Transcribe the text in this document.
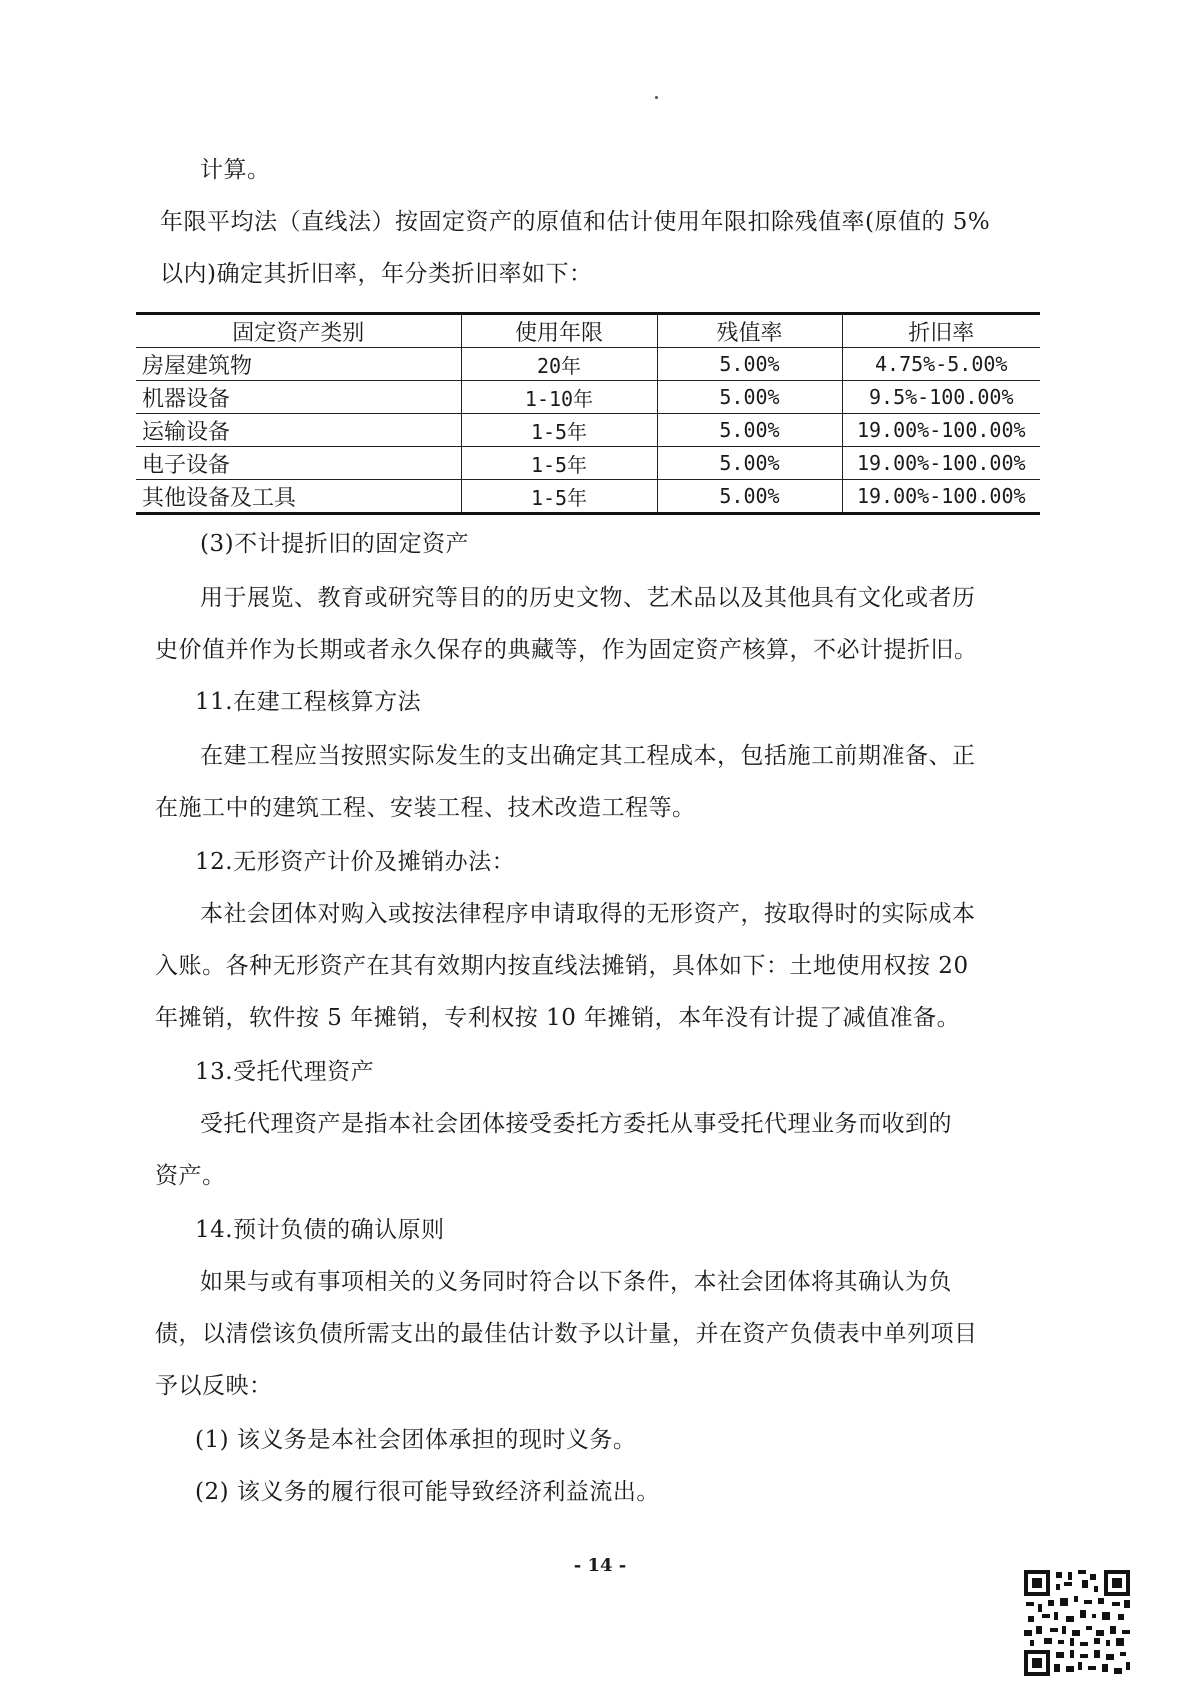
计算。

年限平均法（直线法）按固定资产的原值和估计使用年限扣除残值率(原值的 5%

以内)确定其折旧率，年分类折旧率如下：

固定资产类别	使用年限	残值率	折旧率
房屋建筑物	20年	5.00%	4.75%-5.00%
机器设备	1-10年	5.00%	9.5%-100.00%
运输设备	1-5年	5.00%	19.00%-100.00%
电子设备	1-5年	5.00%	19.00%-100.00%
其他设备及工具	1-5年	5.00%	19.00%-100.00%

(3)不计提折旧的固定资产

用于展览、教育或研究等目的的历史文物、艺术品以及其他具有文化或者历

史价值并作为长期或者永久保存的典藏等，作为固定资产核算，不必计提折旧。

11.在建工程核算方法

在建工程应当按照实际发生的支出确定其工程成本，包括施工前期准备、正

在施工中的建筑工程、安装工程、技术改造工程等。

12.无形资产计价及摊销办法：

本社会团体对购入或按法律程序申请取得的无形资产，按取得时的实际成本

入账。各种无形资产在其有效期内按直线法摊销，具体如下：土地使用权按 20

年摊销，软件按 5 年摊销，专利权按 10 年摊销，本年没有计提了减值准备。

13.受托代理资产

受托代理资产是指本社会团体接受委托方委托从事受托代理业务而收到的

资产。

14.预计负债的确认原则

如果与或有事项相关的义务同时符合以下条件，本社会团体将其确认为负

债，以清偿该负债所需支出的最佳估计数予以计量，并在资产负债表中单列项目

予以反映：

(1) 该义务是本社会团体承担的现时义务。

(2) 该义务的履行很可能导致经济利益流出。

- 14 -
